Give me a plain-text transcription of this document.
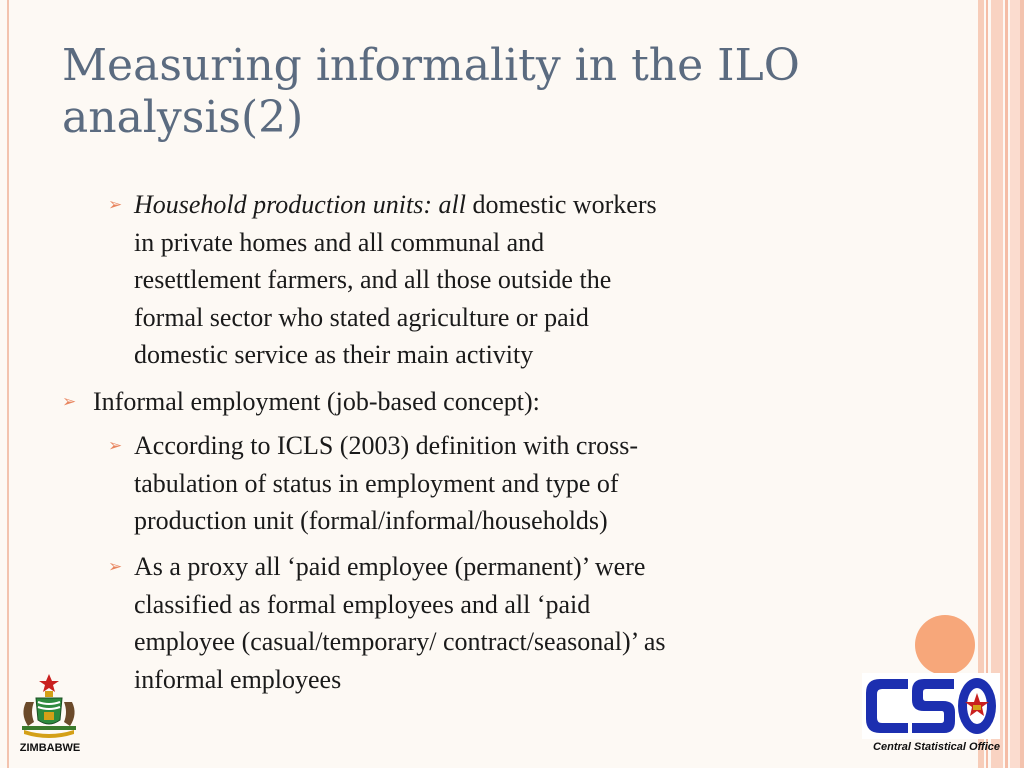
Measuring informality in the ILO
analysis(2)
➢ Household production units: all domestic workers
in private homes and all communal and
resettlement farmers, and all those outside the
formal sector who stated agriculture or paid
domestic service as their main activity
➢ Informal employment (job-based concept):
➢ According to ICLS (2003) definition with cross-
tabulation of status in employment and type of
production unit (formal/informal/households)
➢ As a proxy all ‘paid employee (permanent)’ were
classified as formal employees and all ‘paid
employee (casual/temporary/ contract/seasonal)’ as
informal employees
ZIMBABWE	Central Statistical Office
